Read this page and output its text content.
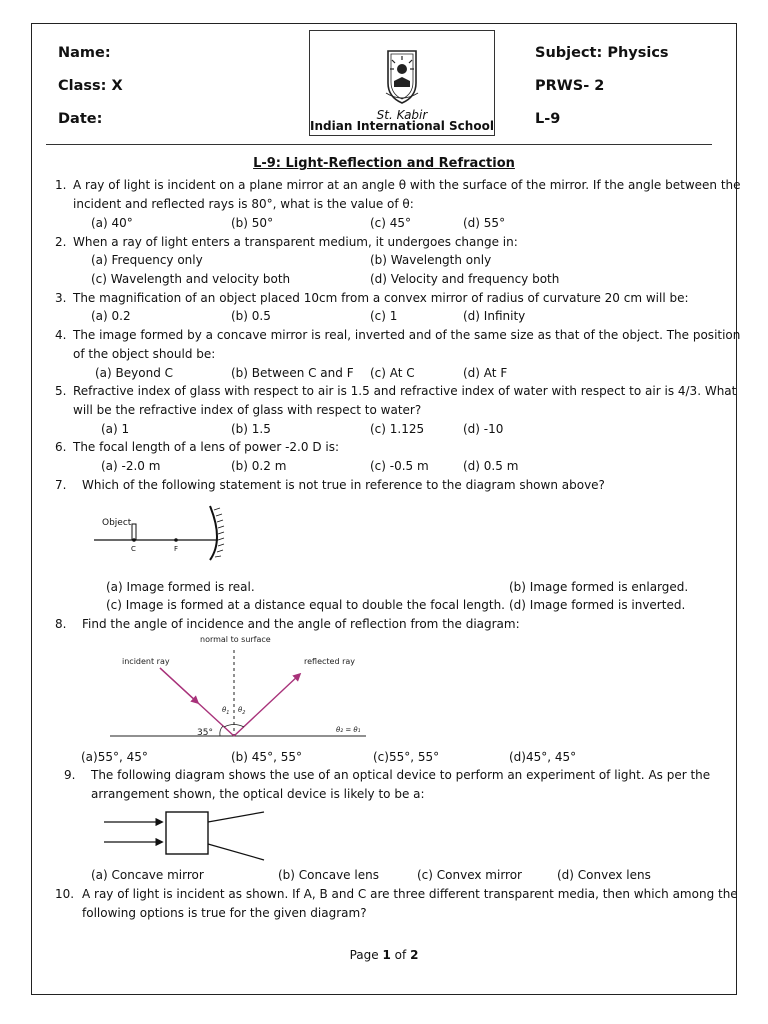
Name:
Class: X
Date:
Subject: Physics
PRWS- 2
L-9
St. Kabir
Indian International School
L-9: Light-Reflection and Refraction
1. A ray of light is incident on a plane mirror at an angle θ with the surface of the mirror. If the angle between the
incident and reflected rays is 80°, what is the value of θ:
(a) 40°	(b) 50°	(c) 45°	(d) 55°
2. When a ray of light enters a transparent medium, it undergoes change in:
(a) Frequency only	(b) Wavelength only
(c) Wavelength and velocity both	(d) Velocity and frequency both
3. The magnification of an object placed 10cm from a convex mirror of radius of curvature 20 cm will be:
(a) 0.2	(b) 0.5	(c) 1	(d) Infinity
4. The image formed by a concave mirror is real, inverted and of the same size as that of the object. The position
of the object should be:
(a) Beyond C	(b) Between C and F (c) At C	(d) At F
5. Refractive index of glass with respect to air is 1.5 and refractive index of water with respect to air is 4/3. What
will be the refractive index of glass with respect to water?
(a) 1	(b) 1.5	(c) 1.125	(d) -10
6. The focal length of a lens of power -2.0 D is:
(a) -2.0 m	(b) 0.2 m	(c) -0.5 m	(d) 0.5 m
7. Which of the following statement is not true in reference to the diagram shown above?
Object
C	F
(a) Image formed is real.	(b) Image formed is enlarged.
(c) Image is formed at a distance equal to double the focal length. (d) Image formed is inverted.
8. Find the angle of incidence and the angle of reflection from the diagram:
normal to surface
incident ray	reflected ray
$\theta_1$ $\theta_2$
35°	θ₂ = θ₁
(a)55°, 45°	(b) 45°, 55°	(c)55°, 55°	(d)45°, 45°
9. The following diagram shows the use of an optical device to perform an experiment of light. As per the
arrangement shown, the optical device is likely to be a:
(a) Concave mirror	(b) Concave lens	(c) Convex mirror	(d) Convex lens
10. A ray of light is incident as shown. If A, B and C are three different transparent media, then which among the
following options is true for the given diagram?
Page 1 of 2
